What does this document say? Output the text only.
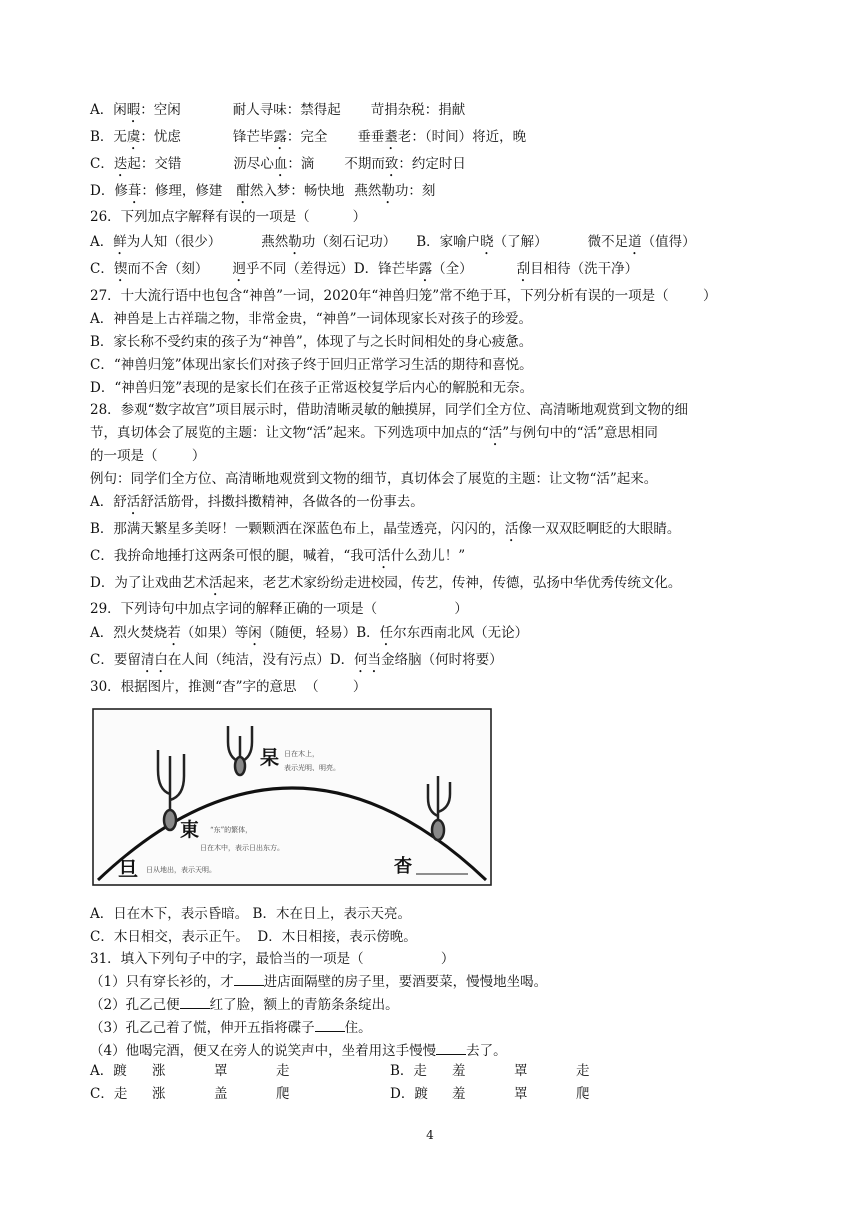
A．闲暇：空闲	耐人寻味：禁得起 苛捐杂税：捐献
B．无虞：忧虑	锋芒毕露：完全 垂垂耋老：（时间）将近，晚
C．迭起：交错	沥尽心血：滴 不期而致：约定时日
D．修葺：修理，修建 酣然入梦：畅快地 燕然勒功：刻
26．下列加点字解释有误的一项是（          ）
A．鲜为人知（很少）	燕然勒功（刻石记功） B．家喻户晓（了解）	微不足道（值得）
C．锲而不舍（刻） 迥乎不同（差得远）D．锋芒毕露（全）	刮目相待（洗干净）
27．十大流行语中也包含“神兽”一词，2020年“神兽归笼”常不绝于耳，下列分析有误的一项是（        ）
A．神兽是上古祥瑞之物，非常金贵，“神兽”一词体现家长对孩子的珍爱。
B．家长称不受约束的孩子为“神兽”，体现了与之长时间相处的身心疲惫。
C．“神兽归笼”体现出家长们对孩子终于回归正常学习生活的期待和喜悦。
D．“神兽归笼”表现的是家长们在孩子正常返校复学后内心的解脱和无奈。
28．参观“数字故宫”项目展示时，借助清晰灵敏的触摸屏，同学们全方位、高清晰地观赏到文物的细
节，真切体会了展览的主题：让文物“活”起来。下列选项中加点的“活”与例句中的“活”意思相同
的一项是（        ）
例句：同学们全方位、高清晰地观赏到文物的细节，真切体会了展览的主题：让文物“活”起来。
A．舒活舒活筋骨，抖擞抖擞精神，各做各的一份事去。
B．那满天繁星多美呀！一颗颗洒在深蓝色布上，晶莹透亮，闪闪的，活像一双双眨啊眨的大眼睛。
C．我拚命地捶打这两条可恨的腿，喊着，“我可活什么劲儿！”
D．为了让戏曲艺术活起来，老艺术家纷纷走进校园，传艺，传神，传德，弘扬中华优秀传统文化。
29．下列诗句中加点字词的解释正确的一项是（                  ）
A．烈火焚烧若（如果）等闲（随便，轻易）B．任尔东西南北风（无论）
C．要留清白在人间（纯洁，没有污点）D．何当金络脑（何时将要）
30．根据图片，推测“杳”字的意思  （        ）
杲 日在木上，
表示光明、明亮。
東 “东”的繁体，
日在木中，表示日出东方。
旦 日从地出，表示天明。	杳
A．日在木下，表示昏暗。 B．木在日上，表示天亮。
C．木日相交，表示正午。  D．木日相接，表示傍晚。
31．填入下列句子中的字，最恰当的一项是（                  ）
（1）只有穿长衫的，才 进店面隔壁的房子里，要酒要菜，慢慢地坐喝。
（2）孔乙己便 红了脸，额上的青筋条条绽出。
（3）孔乙己着了慌，伸开五指将碟子 住。
（4）他喝完酒，便又在旁人的说笑声中，坐着用这手慢慢 去了。
A．踱 涨	罩	走	B．走 羞	罩	走
C．走 涨	盖	爬	D．踱 羞	罩	爬
4
